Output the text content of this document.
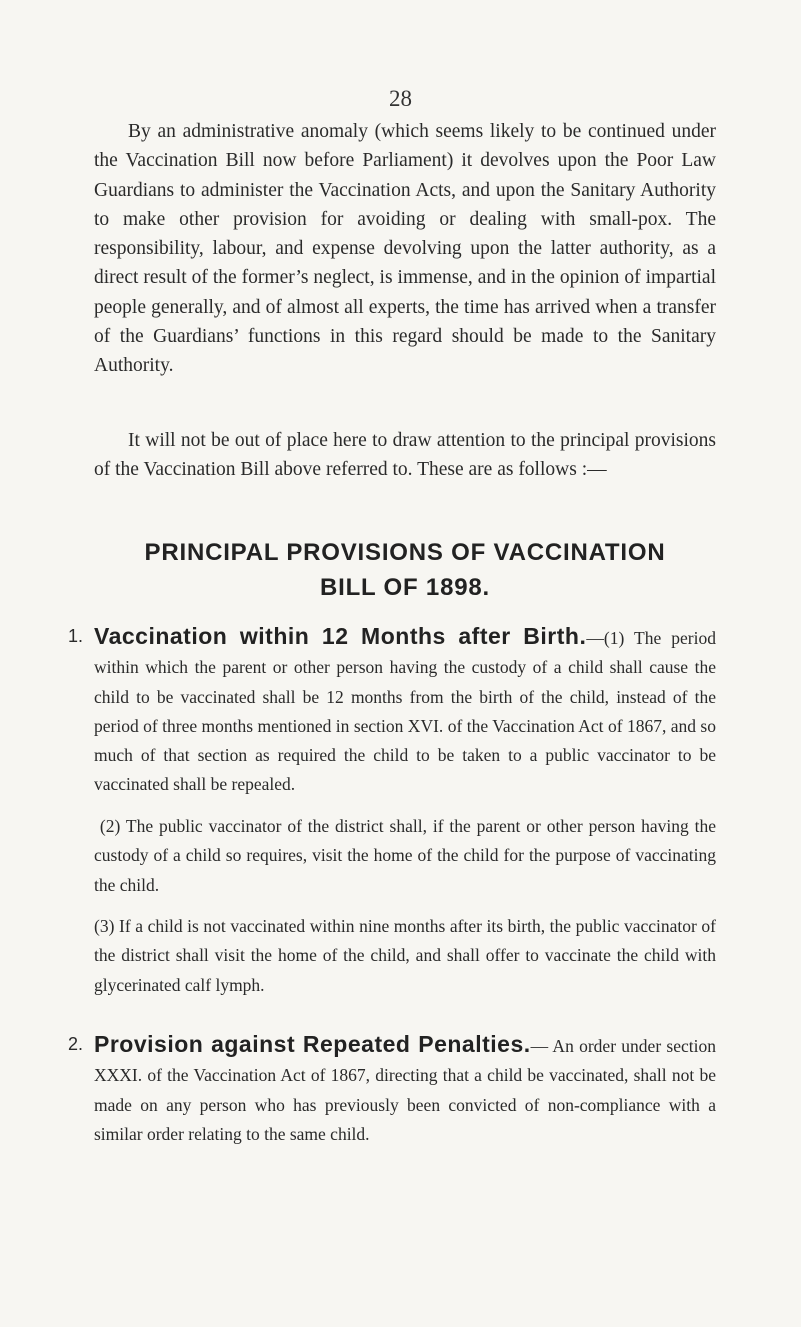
28

By an administrative anomaly (which seems likely to be continued under the Vaccination Bill now before Parliament) it devolves upon the Poor Law Guardians to administer the Vaccination Acts, and upon the Sanitary Authority to make other provision for avoiding or dealing with small-pox. The responsibility, labour, and expense devolving upon the latter authority, as a direct result of the former’s neglect, is immense, and in the opinion of impartial people generally, and of almost all experts, the time has arrived when a transfer of the Guardians’ functions in this regard should be made to the Sanitary Authority.

It will not be out of place here to draw attention to the principal provisions of the Vaccination Bill above referred to. These are as follows :—

PRINCIPAL PROVISIONS OF VACCINATION
BILL OF 1898.
1. Vaccination within 12 Months after Birth.—(1) The period within which the parent or other person having the custody of a child shall cause the child to be vaccinated shall be 12 months from the birth of the child, instead of the period of three months mentioned in section XVI. of the Vaccination Act of 1867, and so much of that section as required the child to be taken to a public vaccinator to be vaccinated shall be repealed.
(2) The public vaccinator of the district shall, if the parent or other person having the custody of a child so requires, visit the home of the child for the purpose of vaccinating the child.
(3) If a child is not vaccinated within nine months after its birth, the public vaccinator of the district shall visit the home of the child, and shall offer to vaccinate the child with glycerinated calf lymph.
2. Provision against Repeated Penalties.— An order under section XXXI. of the Vaccination Act of 1867, directing that a child be vaccinated, shall not be made on any person who has previously been convicted of non-compliance with a similar order relating to the same child.
